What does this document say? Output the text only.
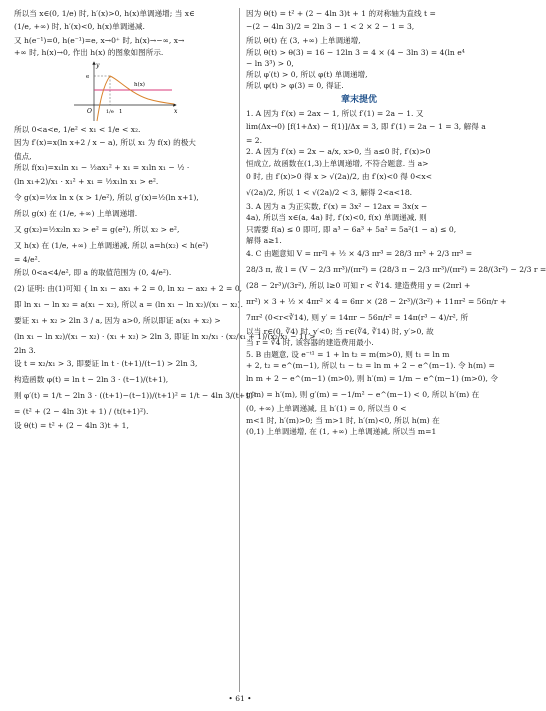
所以当 x∈(0, 1/e) 时, h′(x)>0, h(x)单调递增; 当 x∈
(1/e, +∞) 时, h′(x)<0, h(x)单调递减.
又 h(e⁻¹)=0, h(e⁻¹)=e, x→0⁺ 时, h(x)→−∞, x→
+∞ 时, h(x)→0, 作出 h(x) 的图象如图所示.
y
x
O
h(x)
e
1/e 1
所以 0<a<e, 1/e² < x₁ < 1/e < x₂.
因为 f′(x)=x(ln x+2 / x − a), 所以 x₁ 为 f(x) 的极大
值点,
所以 f(x₁)=x₁ln x₁ − ½ax₁² + x₁ = x₁ln x₁ − ½ ·
(ln x₁+2)/x₁ · x₁² + x₁ = ½x₁ln x₁ > e².
令 g(x)=½x ln x (x > 1/e²), 所以 g′(x)=½(ln x+1),
所以 g(x) 在 (1/e, +∞) 上单调递增.
又 g(x₂)=½x₂ln x₂ > e² = g(e²), 所以 x₂ > e²,
又 h(x) 在 (1/e, +∞) 上单调递减, 所以 a=h(x₂) < h(e²)
= 4/e².
所以 0<a<4/e², 即 a 的取值范围为 (0, 4/e²).
(2) 证明: 由(1)可知 { ln x₁ − ax₁ + 2 = 0, ln x₂ − ax₂ + 2 = 0,
即 ln x₁ − ln x₂ = a(x₁ − x₂), 所以 a = (ln x₁ − ln x₂)/(x₁ − x₂).
要证 x₁ + x₂ > 2ln 3 / a, 因为 a>0, 所以即证 a(x₁ + x₂) >
(ln x₁ − ln x₂)/(x₁ − x₂) · (x₁ + x₂) > 2ln 3, 即证 ln x₂/x₁ · (x₂/x₁ + 1)/(x₂/x₁ − 1) >
2ln 3.
设 t = x₂/x₁ > 3, 即要证 ln t · (t+1)/(t−1) > 2ln 3,
构造函数 φ(t) = ln t − 2ln 3 · (t−1)/(t+1),
则 φ′(t) = 1/t − 2ln 3 · ((t+1)−(t−1))/(t+1)² = 1/t − 4ln 3/(t+1)²
= (t² + (2 − 4ln 3)t + 1) / (t(t+1)²).
设 θ(t) = t² + (2 − 4ln 3)t + 1,
因为 θ(t) = t² + (2 − 4ln 3)t + 1 的对称轴为直线 t =
−(2 − 4ln 3)/2 = 2ln 3 − 1 < 2 × 2 − 1 = 3,
所以 θ(t) 在 (3, +∞) 上单调递增,
所以 θ(t) > θ(3) = 16 − 12ln 3 = 4 × (4 − 3ln 3) = 4(ln e⁴
− ln 3³) > 0,
所以 φ′(t) > 0, 所以 φ(t) 单调递增,
所以 φ(t) > φ(3) = 0, 得证.
章末提优
1. A 因为 f′(x) = 2ax − 1, 所以 f′(1) = 2a − 1. 又
lim(Δx→0) [f(1+Δx) − f(1)]/Δx = 3, 即 f′(1) = 2a − 1 = 3, 解得 a
= 2.
2. A 因为 f′(x) = 2x − a/x, x>0, 当 a≤0 时, f′(x)>0
恒成立, 故函数在(1,3)上单调递增, 不符合题意. 当 a>
0 时, 由 f′(x)>0 得 x > √(2a)/2, 由 f′(x)<0 得 0<x<
√(2a)/2, 所以 1 < √(2a)/2 < 3, 解得 2<a<18.
3. A 因为 a 为正实数, f′(x) = 3x² − 12ax = 3x(x −
4a), 所以当 x∈(a, 4a) 时, f′(x)<0, f(x) 单调递减, 则
只需要 f(a) ≤ 0 即可, 即 a³ − 6a³ + 5a² = 5a²(1 − a) ≤ 0,
解得 a≥1.
4. C 由题意知 V = πr²l + ½ × 4/3 πr³ = 28/3 πr³ + 2/3 πr³ =
28/3 π, 故 l = (V − 2/3 πr³)/(πr²) = (28/3 π − 2/3 πr³)/(πr²) = 28/(3r²) − 2/3 r =
(28 − 2r³)/(3r²), 所以 l≥0 可知 r < ∛14. 建造费用 y = (2πrl +
πr²) × 3 + ½ × 4πr² × 4 = 6πr × (28 − 2r³)/(3r²) + 11πr² = 56π/r +
7πr² (0<r<∛14), 则 y′ = 14πr − 56π/r² = 14π(r³ − 4)/r², 所
以当 r∈(0, ∛4) 时, y′<0; 当 r∈(∛4, ∛14) 时, y′>0, 故
当 r = ∛4 时, 该容器的建造费用最小.
5. B 由题意, 设 e⁻ᵗ¹ = 1 + ln t₂ = m(m>0), 则 t₁ = ln m
+ 2, t₂ = e^(m−1), 所以 t₁ − t₂ = ln m + 2 − e^(m−1). 令 h(m) =
ln m + 2 − e^(m−1) (m>0), 则 h′(m) = 1/m − e^(m−1) (m>0), 令
g(m) = h′(m), 则 g′(m) = −1/m² − e^(m−1) < 0, 所以 h′(m) 在
(0, +∞) 上单调递减, 且 h′(1) = 0, 所以当 0 <
m<1 时, h′(m)>0; 当 m>1 时, h′(m)<0, 所以 h(m) 在
(0,1) 上单调递增, 在 (1, +∞) 上单调递减, 所以当 m=1
• 61 •
